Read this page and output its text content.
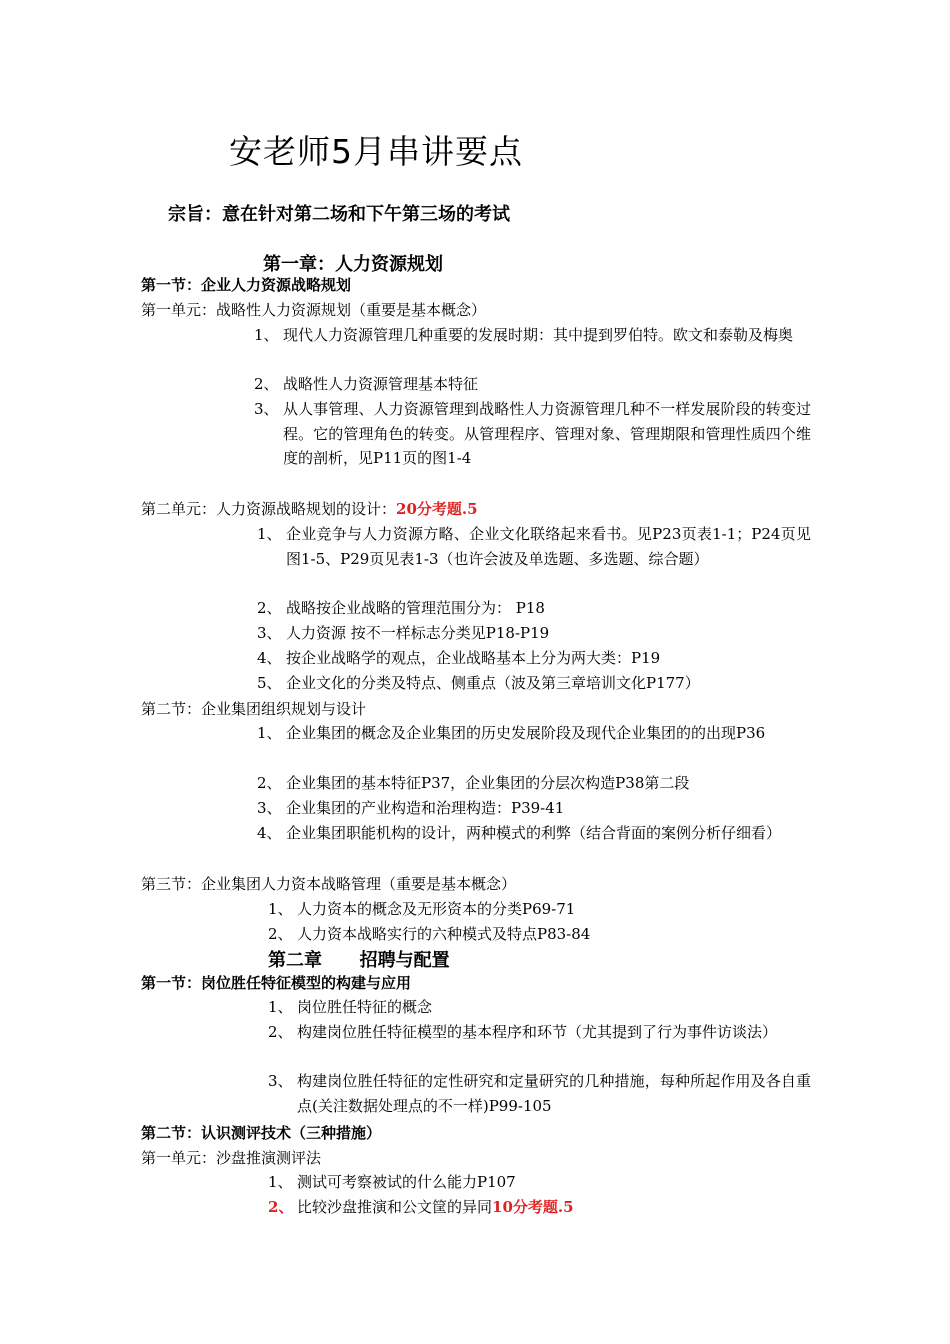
安老师5月串讲要点
宗旨：意在针对第二场和下午第三场的考试
第一章：人力资源规划
第一节：企业人力资源战略规划
第一单元：战略性人力资源规划（重要是基本概念）
1、 现代人力资源管理几种重要的发展时期：其中提到罗伯特。欧文和泰勒及梅奥
2、 战略性人力资源管理基本特征
3、 从人事管理、人力资源管理到战略性人力资源管理几种不一样发展阶段的转变过程。它的管理角色的转变。从管理程序、管理对象、管理期限和管理性质四个维度的剖析，见P11页的图1-4
第二单元：人力资源战略规划的设计：20分考题.5
1、 企业竞争与人力资源方略、企业文化联络起来看书。见P23页表1-1；P24页见图1-5、P29页见表1-3（也许会波及单选题、多选题、综合题）
2、 战略按企业战略的管理范围分为： P18
3、 人力资源 按不一样标志分类见P18-P19
4、 按企业战略学的观点，企业战略基本上分为两大类：P19
5、 企业文化的分类及特点、侧重点（波及第三章培训文化P177）
第二节：企业集团组织规划与设计
1、 企业集团的概念及企业集团的历史发展阶段及现代企业集团的的出现P36
2、 企业集团的基本特征P37，企业集团的分层次构造P38第二段
3、 企业集团的产业构造和治理构造：P39-41
4、 企业集团职能机构的设计，两种模式的利弊（结合背面的案例分析仔细看）
第三节：企业集团人力资本战略管理（重要是基本概念）
1、 人力资本的概念及无形资本的分类P69-71
2、 人力资本战略实行的六种模式及特点P83-84
第二章      招聘与配置
第一节：岗位胜任特征模型的构建与应用
1、 岗位胜任特征的概念
2、 构建岗位胜任特征模型的基本程序和环节（尤其提到了行为事件访谈法）
3、 构建岗位胜任特征的定性研究和定量研究的几种措施，每种所起作用及各自重点(关注数据处理点的不一样)P99-105
第二节：认识测评技术（三种措施）
第一单元：沙盘推演测评法
1、 测试可考察被试的什么能力P107
2、 比较沙盘推演和公文筐的异同10分考题.5
